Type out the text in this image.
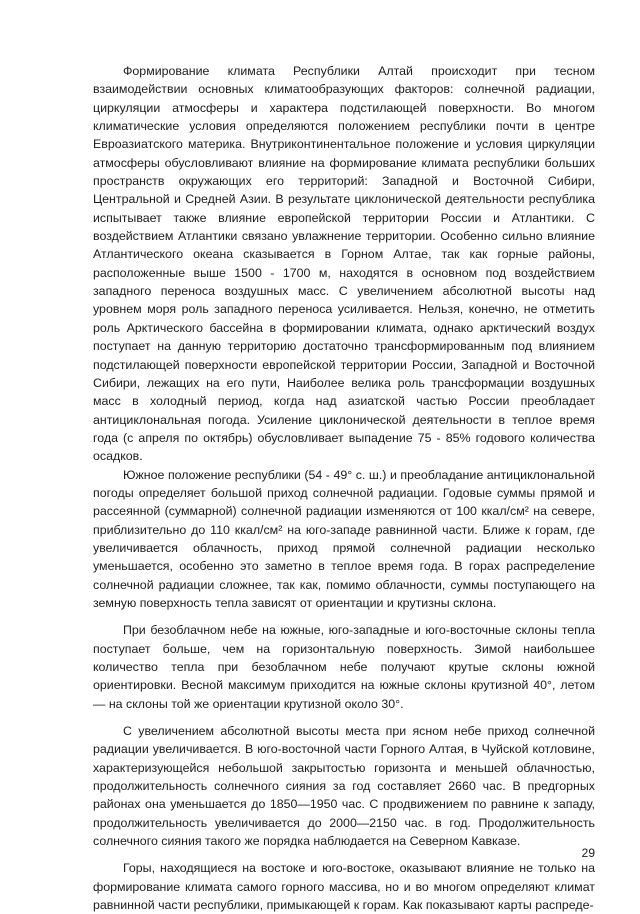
Формирование климата Республики Алтай происходит при тесном взаимодействии основных климатообразующих факторов: солнечной радиации, циркуляции атмосферы и характера подстилающей поверхности. Во многом климатические условия определяются положением республики почти в центре Евроазиатского материка. Внутриконтинентальное положение и условия циркуляции атмосферы обусловливают влияние на формирование климата республики больших пространств окружающих его территорий: Западной и Восточной Сибири, Центральной и Средней Азии. В результате циклонической деятельности республика испытывает также влияние европейской территории России и Атлантики. С воздействием Атлантики связано увлажнение территории. Особенно сильно влияние Атлантического океана сказывается в Горном Алтае, так как горные районы, расположенные выше 1500 - 1700 м, находятся в основном под воздействием западного переноса воздушных масс. С увеличением абсолютной высоты над уровнем моря роль западного переноса усиливается. Нельзя, конечно, не отметить роль Арктического бассейна в формировании климата, однако арктический воздух поступает на данную территорию достаточно трансформированным под влиянием подстилающей поверхности европейской территории России, Западной и Восточной Сибири, лежащих на его пути, Наиболее велика роль трансформации воздушных масс в холодный период, когда над азиатской частью России преобладает антициклональная погода. Усиление циклонической деятельности в теплое время года (с апреля по октябрь) обусловливает выпадение 75 - 85% годового количества осадков.

Южное положение республики (54 - 49° с. ш.) и преобладание антициклональной погоды определяет большой приход солнечной радиации. Годовые суммы прямой и рассеянной (суммарной) солнечной радиации изменяются от 100 ккал/см² на севере, приблизительно до 110 ккал/см² на юго-западе равнинной части. Ближе к горам, где увеличивается облачность, приход прямой солнечной радиации несколько уменьшается, особенно это заметно в теплое время года. В горах распределение солнечной радиации сложнее, так как, помимо облачности, суммы поступающего на земную поверхность тепла зависят от ориентации и крутизны склона.

При безоблачном небе на южные, юго-западные и юго-восточные склоны тепла поступает больше, чем на горизонтальную поверхность. Зимой наибольшее количество тепла при безоблачном небе получают крутые склоны южной ориентировки. Весной максимум приходится на южные склоны крутизной 40°, летом — на склоны той же ориентации крутизной около 30°.

С увеличением абсолютной высоты места при ясном небе приход солнечной радиации увеличивается. В юго-восточной части Горного Алтая, в Чуйской котловине, характеризующейся небольшой закрытостью горизонта и меньшей облачностью, продолжительность солнечного сияния за год составляет 2660 час. В предгорных районах она уменьшается до 1850—1950 час. С продвижением по равнине к западу, продолжительность увеличивается до 2000—2150 час. в год. Продолжительность солнечного сияния такого же порядка наблюдается на Северном Кавказе.

Горы, находящиеся на востоке и юго-востоке, оказывают влияние не только на формирование климата самого горного массива, но и во многом определяют климат равнинной части республики, примыкающей к горам. Как показывают карты распреде-

29
